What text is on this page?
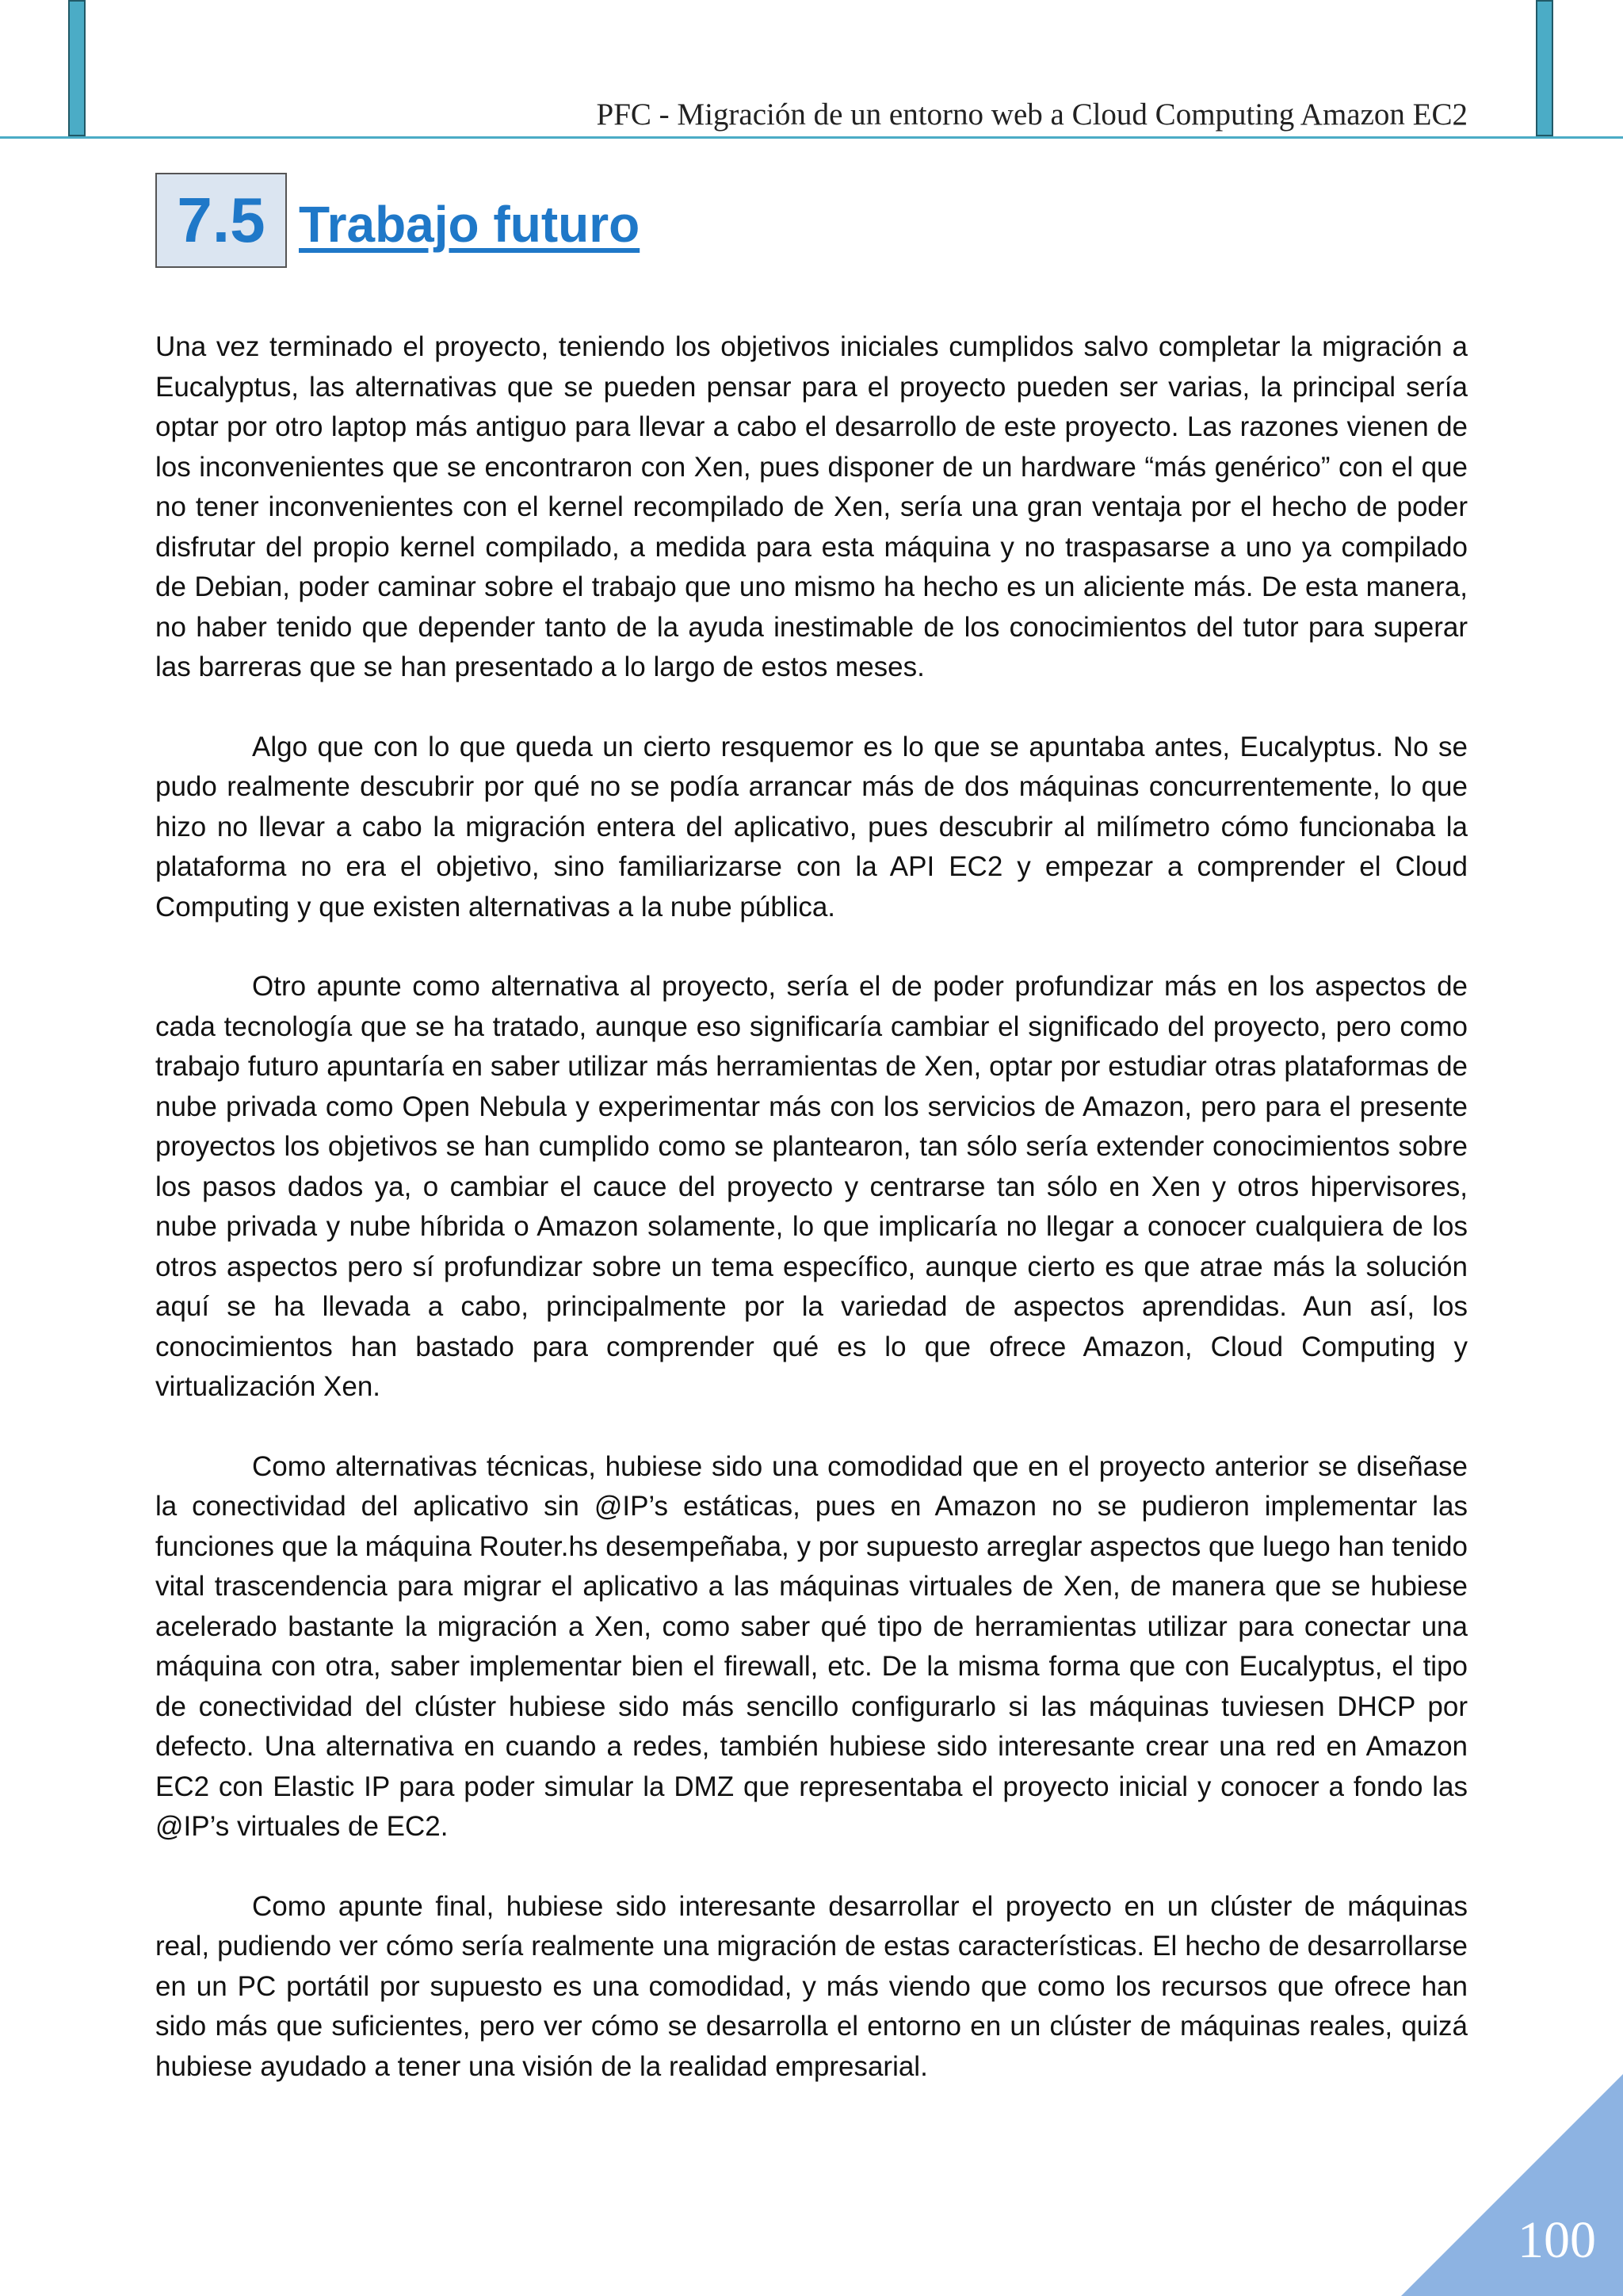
PFC - Migración de un entorno web a Cloud Computing Amazon EC2
7.5 Trabajo futuro

Una vez terminado el proyecto, teniendo los objetivos iniciales cumplidos salvo completar la migración a Eucalyptus, las alternativas que se pueden pensar para el proyecto pueden ser varias, la principal sería optar por otro laptop más antiguo para llevar a cabo el desarrollo de este proyecto. Las razones vienen de los inconvenientes que se encontraron con Xen, pues disponer de un hardware “más genérico” con el que no tener inconvenientes con el kernel recompilado de Xen, sería una gran ventaja por el hecho de poder disfrutar del propio kernel compilado, a medida para esta máquina y no traspasarse a uno ya compilado de Debian, poder caminar sobre el trabajo que uno mismo ha hecho es un aliciente más. De esta manera, no haber tenido que depender tanto de la ayuda inestimable de los conocimientos del tutor para superar las barreras que se han presentado a lo largo de estos meses.

Algo que con lo que queda un cierto resquemor es lo que se apuntaba antes, Eucalyptus. No se pudo realmente descubrir por qué no se podía arrancar más de dos máquinas concurrentemente, lo que hizo no llevar a cabo la migración entera del aplicativo, pues descubrir al milímetro cómo funcionaba la plataforma no era el objetivo, sino familiarizarse con la API EC2 y empezar a comprender el Cloud Computing y que existen alternativas a la nube pública.

Otro apunte como alternativa al proyecto, sería el de poder profundizar más en los aspectos de cada tecnología que se ha tratado, aunque eso significaría cambiar el significado del proyecto, pero como trabajo futuro apuntaría en saber utilizar más herramientas de Xen, optar por estudiar otras plataformas de nube privada como Open Nebula y experimentar más con los servicios de Amazon, pero para el presente proyectos los objetivos se han cumplido como se plantearon, tan sólo sería extender conocimientos sobre los pasos dados ya, o cambiar el cauce del proyecto y centrarse tan sólo en Xen y otros hipervisores, nube privada y nube híbrida o Amazon solamente, lo que implicaría no llegar a conocer cualquiera de los otros aspectos pero sí profundizar sobre un tema específico, aunque cierto es que atrae más la solución aquí se ha llevada a cabo, principalmente por la variedad de aspectos aprendidas. Aun así, los conocimientos han bastado para comprender qué es lo que ofrece Amazon, Cloud Computing y virtualización Xen.

Como alternativas técnicas, hubiese sido una comodidad que en el proyecto anterior se diseñase la conectividad del aplicativo sin @IP’s estáticas, pues en Amazon no se pudieron implementar las funciones que la máquina Router.hs desempeñaba, y por supuesto arreglar aspectos que luego han tenido vital trascendencia para migrar el aplicativo a las máquinas virtuales de Xen, de manera que se hubiese acelerado bastante la migración a Xen, como saber qué tipo de herramientas utilizar para conectar una máquina con otra, saber implementar bien el firewall, etc. De la misma forma que con Eucalyptus, el tipo de conectividad del clúster hubiese sido más sencillo configurarlo si las máquinas tuviesen DHCP por defecto. Una alternativa en cuando a redes, también hubiese sido interesante crear una red en Amazon EC2 con Elastic IP para poder simular la DMZ que representaba el proyecto inicial y conocer a fondo las @IP’s virtuales de EC2.

Como apunte final, hubiese sido interesante desarrollar el proyecto en un clúster de máquinas real, pudiendo ver cómo sería realmente una migración de estas características. El hecho de desarrollarse en un PC portátil por supuesto es una comodidad, y más viendo que como los recursos que ofrece han sido más que suficientes, pero ver cómo se desarrolla el entorno en un clúster de máquinas reales, quizá hubiese ayudado a tener una visión de la realidad empresarial.

100
